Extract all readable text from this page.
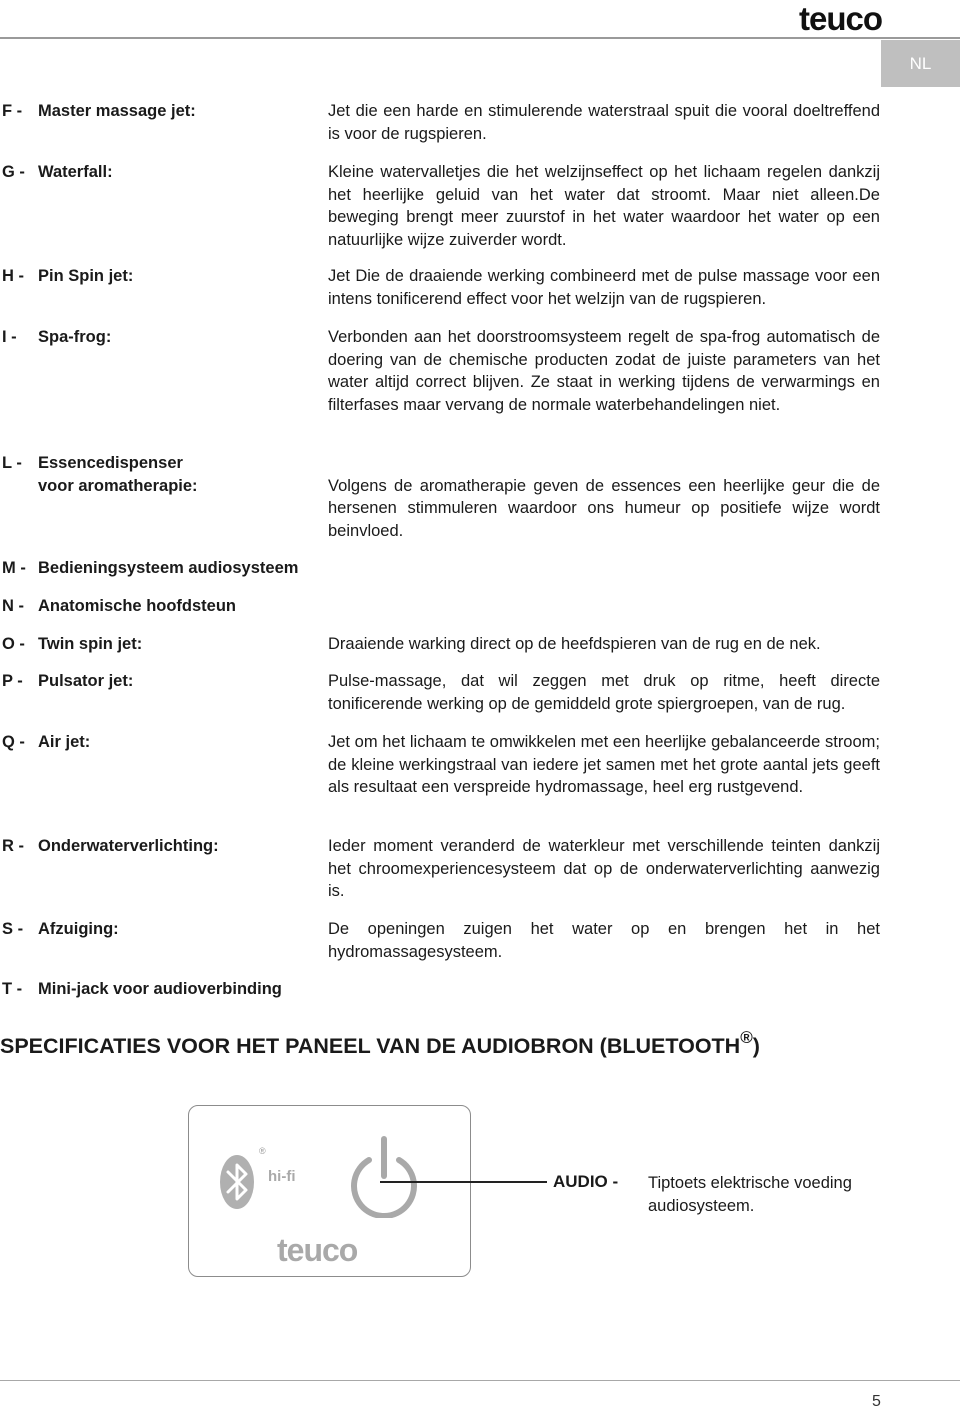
teuco
NL
F - Master massage jet:	Jet die een harde en stimulerende waterstraal spuit die vooral doeltreffend is voor de rugspieren.
G - Waterfall:	Kleine watervalletjes die het welzijnseffect op het lichaam regelen dankzij het heerlijke geluid van het water dat stroomt. Maar niet alleen.De beweging brengt meer zuurstof in het water waardoor het water op een natuurlijke wijze zuiverder wordt.
H - Pin Spin jet:	Jet Die de draaiende werking combineerd met de pulse massage voor een intens tonificerend effect voor het welzijn van de rugspieren.
I - Spa-frog:	Verbonden aan het doorstroomsysteem regelt de spa-frog automatisch de doering van de chemische producten zodat de juiste parameters van het water altijd correct blijven. Ze staat in werking tijdens de verwarmings en filterfases maar vervang de normale waterbehandelingen niet.
L - Essencedispenser
voor aromatherapie:	Volgens de aromatherapie geven de essences een heerlijke geur die de hersenen stimmuleren waardoor ons humeur op positiefe wijze wordt beinvloed.
M - Bedieningsysteem audiosysteem
N - Anatomische hoofdsteun
O - Twin spin jet:	Draaiende warking direct op de heefdspieren van de rug en de nek.
P - Pulsator jet:	Pulse-massage, dat wil zeggen met druk op ritme, heeft directe tonificerende werking op de gemiddeld grote spiergroepen, van de rug.
Q - Air jet:	Jet om het lichaam te omwikkelen met een heerlijke gebalanceerde stroom; de kleine werkingstraal van iedere jet samen met het grote aantal jets geeft als resultaat een verspreide hydromassage, heel erg rustgevend.
R - Onderwaterverlichting:	Ieder moment veranderd de waterkleur met verschillende teinten dankzij het chroomexperiencesysteem dat op de onderwaterverlichting aanwezig is.
S - Afzuiging:	De openingen zuigen het water op en brengen het in het hydromassagesysteem.
T - Mini-jack voor audioverbinding
SPECIFICATIES VOOR HET PANEEL VAN DE AUDIOBRON (BLUETOOTH®)
®
hi-fi
teuco
AUDIO - Tiptoets elektrische voeding audiosysteem.
5
